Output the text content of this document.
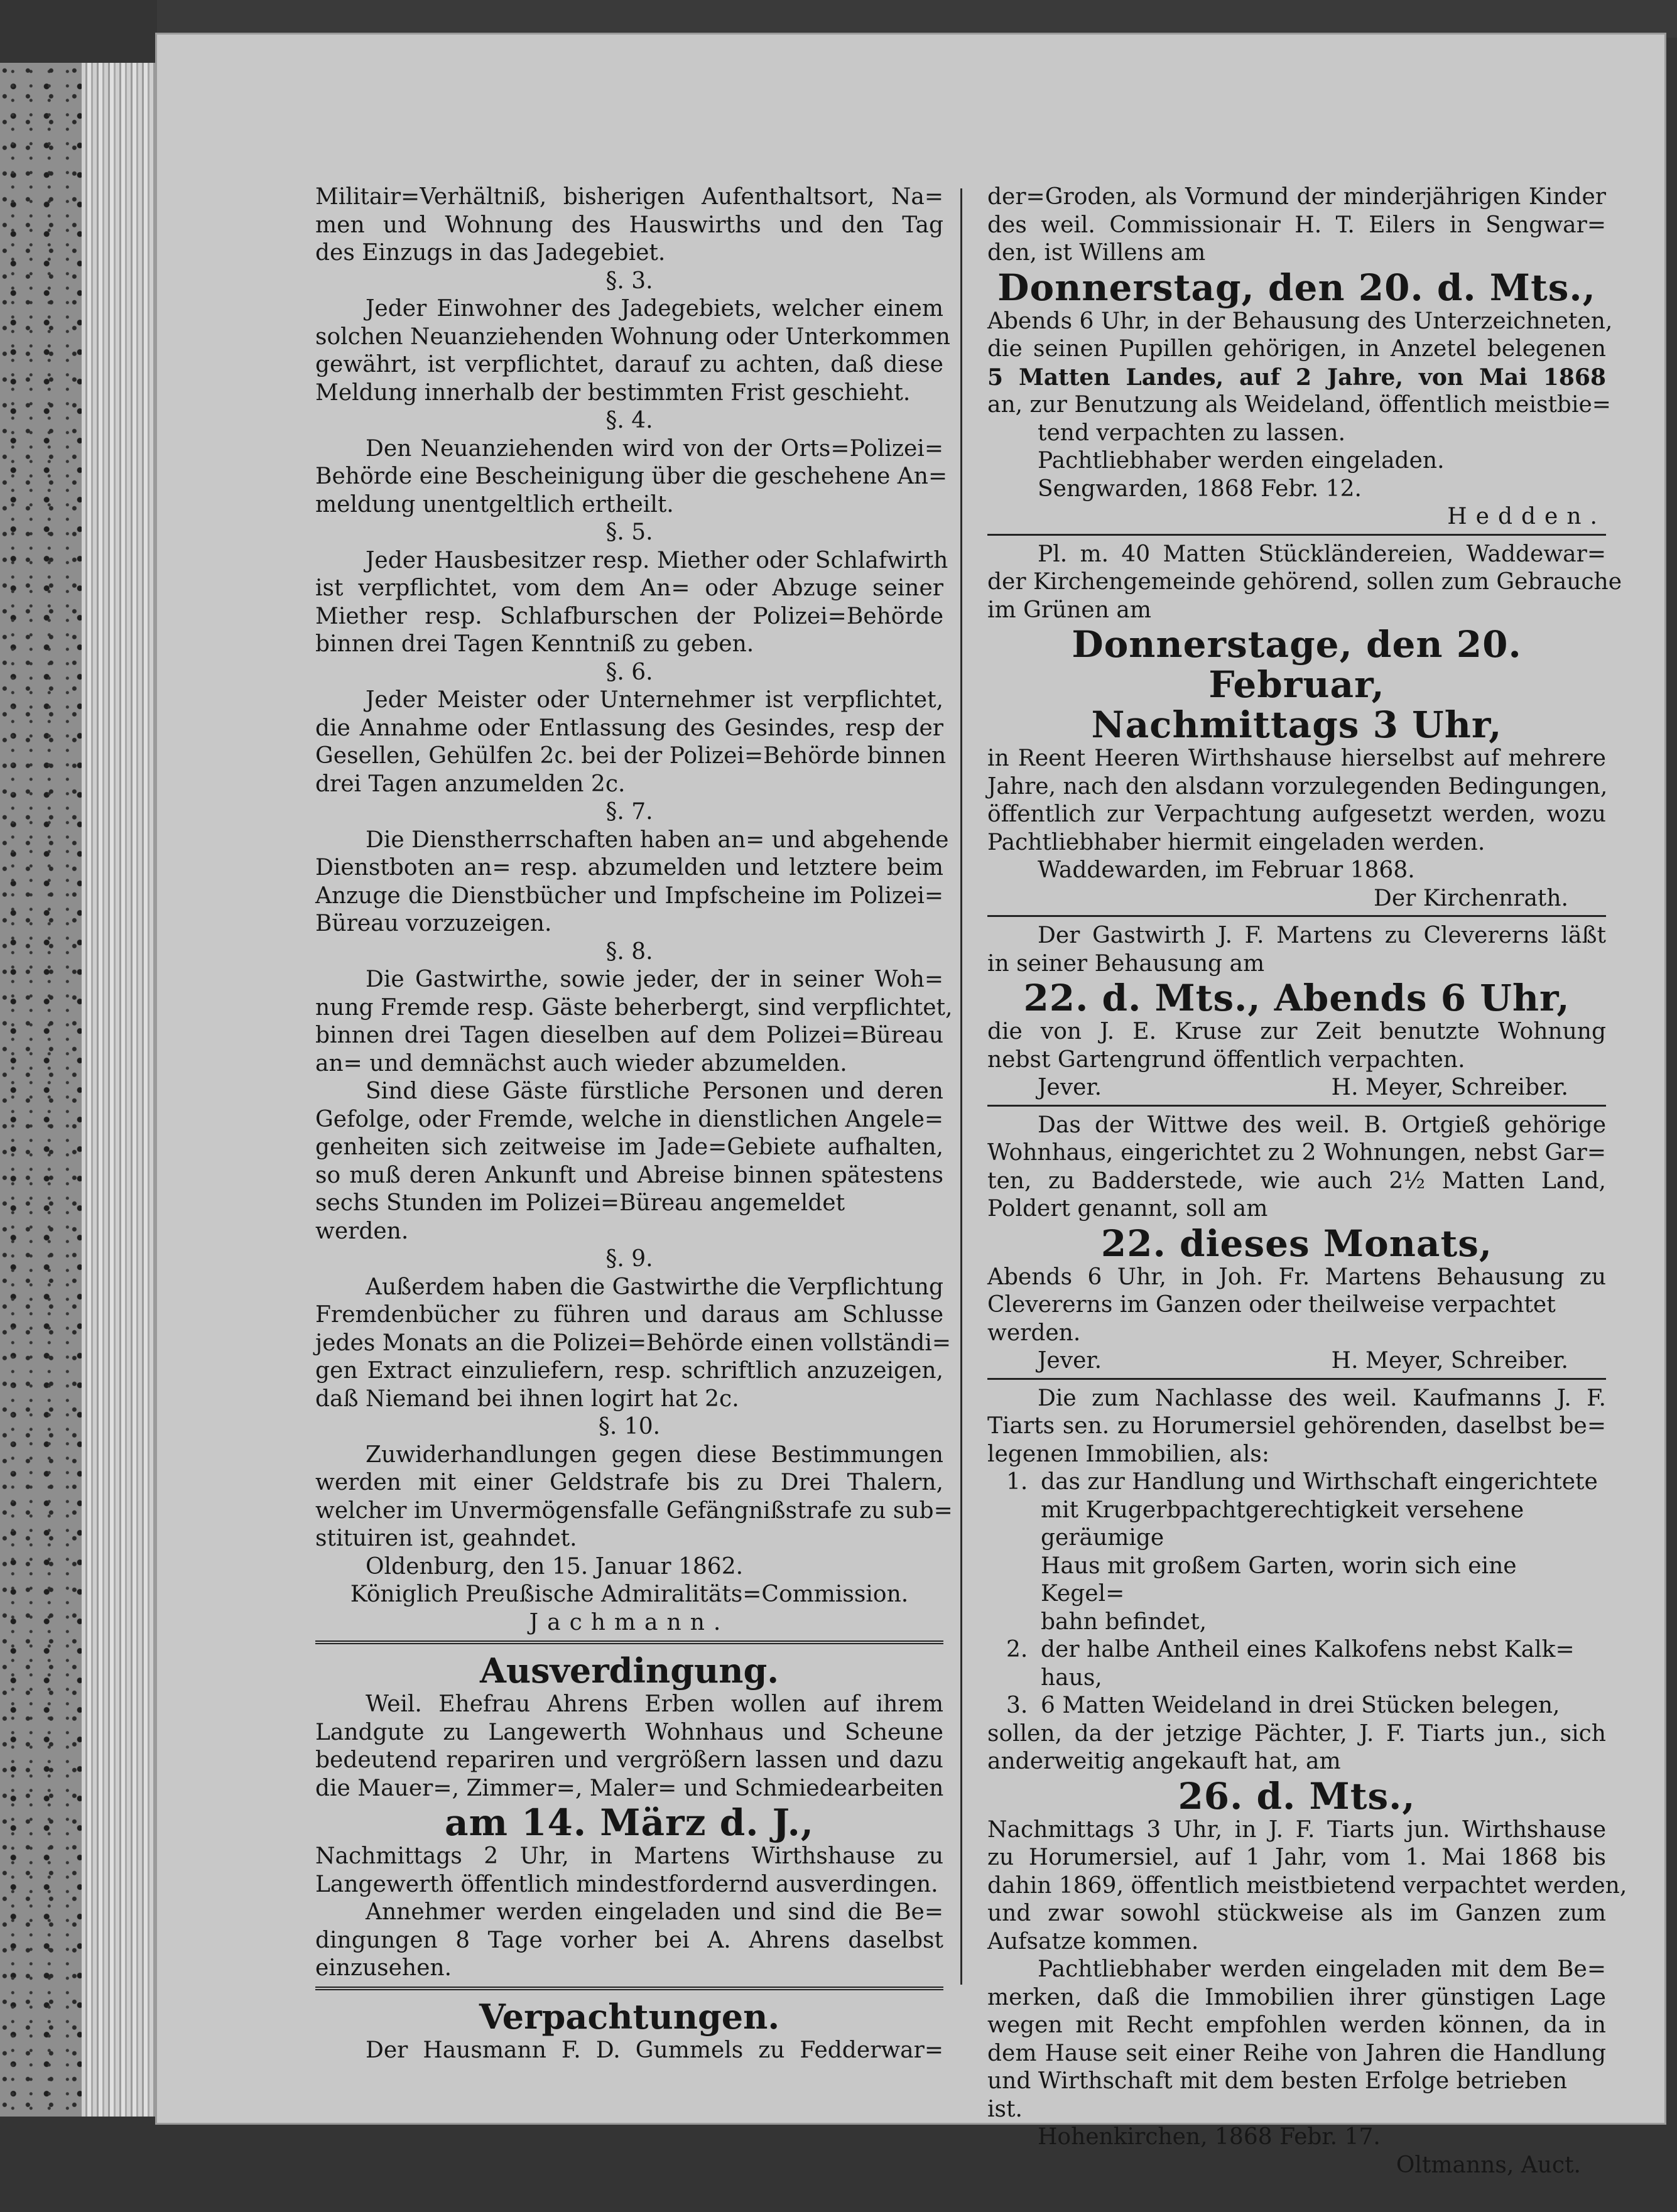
Militair=Verhältniß, bisherigen Aufenthaltsort, Na=
men und Wohnung des Hauswirths und den Tag
des Einzugs in das Jadegebiet.
§. 3.
Jeder Einwohner des Jadegebiets, welcher einem
solchen Neuanziehenden Wohnung oder Unterkommen
gewährt, ist verpflichtet, darauf zu achten, daß diese
Meldung innerhalb der bestimmten Frist geschieht.
§. 4.
Den Neuanziehenden wird von der Orts=Polizei=
Behörde eine Bescheinigung über die geschehene An=
meldung unentgeltlich ertheilt.
§. 5.
Jeder Hausbesitzer resp. Miether oder Schlafwirth
ist verpflichtet, vom dem An= oder Abzuge seiner
Miether resp. Schlafburschen der Polizei=Behörde
binnen drei Tagen Kenntniß zu geben.
§. 6.
Jeder Meister oder Unternehmer ist verpflichtet,
die Annahme oder Entlassung des Gesindes, resp der
Gesellen, Gehülfen 2c. bei der Polizei=Behörde binnen
drei Tagen anzumelden 2c.
§. 7.
Die Dienstherrschaften haben an= und abgehende
Dienstboten an= resp. abzumelden und letztere beim
Anzuge die Dienstbücher und Impfscheine im Polizei=
Büreau vorzuzeigen.
§. 8.
Die Gastwirthe, sowie jeder, der in seiner Woh=
nung Fremde resp. Gäste beherbergt, sind verpflichtet,
binnen drei Tagen dieselben auf dem Polizei=Büreau
an= und demnächst auch wieder abzumelden.
Sind diese Gäste fürstliche Personen und deren
Gefolge, oder Fremde, welche in dienstlichen Angele=
genheiten sich zeitweise im Jade=Gebiete aufhalten,
so muß deren Ankunft und Abreise binnen spätestens
sechs Stunden im Polizei=Büreau angemeldet werden.
§. 9.
Außerdem haben die Gastwirthe die Verpflichtung
Fremdenbücher zu führen und daraus am Schlusse
jedes Monats an die Polizei=Behörde einen vollständi=
gen Extract einzuliefern, resp. schriftlich anzuzeigen,
daß Niemand bei ihnen logirt hat 2c.
§. 10.
Zuwiderhandlungen gegen diese Bestimmungen
werden mit einer Geldstrafe bis zu Drei Thalern,
welcher im Unvermögensfalle Gefängnißstrafe zu sub=
stituiren ist, geahndet.
Oldenburg, den 15. Januar 1862.
Königlich Preußische Admiralitäts=Commission.
Jachmann.
Ausverdingung.
Weil. Ehefrau Ahrens Erben wollen auf ihrem
Landgute zu Langewerth Wohnhaus und Scheune
bedeutend repariren und vergrößern lassen und dazu
die Mauer=, Zimmer=, Maler= und Schmiedearbeiten
am 14. März d. J.,
Nachmittags 2 Uhr, in Martens Wirthshause zu
Langewerth öffentlich mindestfordernd ausverdingen.
Annehmer werden eingeladen und sind die Be=
dingungen 8 Tage vorher bei A. Ahrens daselbst
einzusehen.
Verpachtungen.
Der Hausmann F. D. Gummels zu Fedderwar=
der=Groden, als Vormund der minderjährigen Kinder
des weil. Commissionair H. T. Eilers in Sengwar=
den, ist Willens am
Donnerstag, den 20. d. Mts.,
Abends 6 Uhr, in der Behausung des Unterzeichneten,
die seinen Pupillen gehörigen, in Anzetel belegenen
5 Matten Landes, auf 2 Jahre, von Mai 1868
an, zur Benutzung als Weideland, öffentlich meistbie=
tend verpachten zu lassen.
Pachtliebhaber werden eingeladen.
Sengwarden, 1868 Febr. 12.
Hedden.
Pl. m. 40 Matten Stückländereien, Waddewar=
der Kirchengemeinde gehörend, sollen zum Gebrauche
im Grünen am
Donnerstage, den 20. Februar,
Nachmittags 3 Uhr,
in Reent Heeren Wirthshause hierselbst auf mehrere
Jahre, nach den alsdann vorzulegenden Bedingungen,
öffentlich zur Verpachtung aufgesetzt werden, wozu
Pachtliebhaber hiermit eingeladen werden.
Waddewarden, im Februar 1868.
Der Kirchenrath.
Der Gastwirth J. F. Martens zu Clevererns läßt
in seiner Behausung am
22. d. Mts., Abends 6 Uhr,
die von J. E. Kruse zur Zeit benutzte Wohnung
nebst Gartengrund öffentlich verpachten.
Jever.	H. Meyer, Schreiber.
Das der Wittwe des weil. B. Ortgieß gehörige
Wohnhaus, eingerichtet zu 2 Wohnungen, nebst Gar=
ten, zu Badderstede, wie auch 2½ Matten Land,
Poldert genannt, soll am
22. dieses Monats,
Abends 6 Uhr, in Joh. Fr. Martens Behausung zu
Clevererns im Ganzen oder theilweise verpachtet werden.
Jever.	H. Meyer, Schreiber.
Die zum Nachlasse des weil. Kaufmanns J. F.
Tiarts sen. zu Horumersiel gehörenden, daselbst be=
legenen Immobilien, als:
1. das zur Handlung und Wirthschaft eingerichtete
mit Krugerbpachtgerechtigkeit versehene geräumige
Haus mit großem Garten, worin sich eine Kegel=
bahn befindet,
2. der halbe Antheil eines Kalkofens nebst Kalk=
haus,
3. 6 Matten Weideland in drei Stücken belegen,
sollen, da der jetzige Pächter, J. F. Tiarts jun., sich
anderweitig angekauft hat, am
26. d. Mts.,
Nachmittags 3 Uhr, in J. F. Tiarts jun. Wirthshause
zu Horumersiel, auf 1 Jahr, vom 1. Mai 1868 bis
dahin 1869, öffentlich meistbietend verpachtet werden,
und zwar sowohl stückweise als im Ganzen zum
Aufsatze kommen.
Pachtliebhaber werden eingeladen mit dem Be=
merken, daß die Immobilien ihrer günstigen Lage
wegen mit Recht empfohlen werden können, da in
dem Hause seit einer Reihe von Jahren die Handlung
und Wirthschaft mit dem besten Erfolge betrieben ist.
Hohenkirchen, 1868 Febr. 17.
Oltmanns, Auct.
